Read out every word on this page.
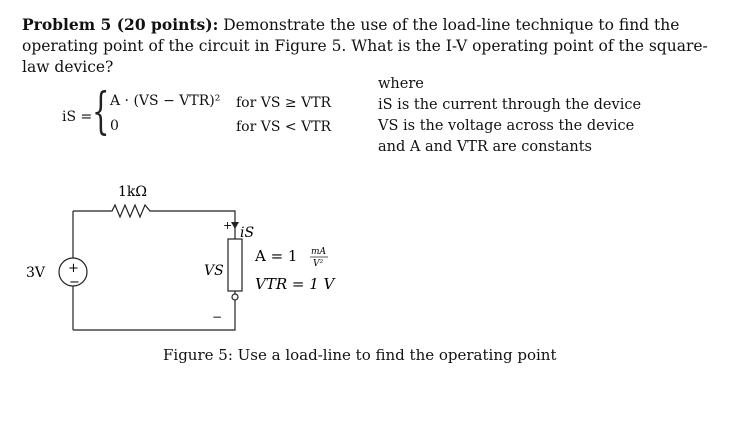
Problem 5 (20 points): Demonstrate the use of the load-line technique to find the operating point of the circuit in Figure 5. What is the I-V operating point of the square-law device?
iS = { A · (VS − VTR)² for VS ≥ VTR
0	for VS < VTR
where
iS is the current through the device
VS is the voltage across the device
and A and VTR are constants
1kΩ
3V +
−
+
−
iS
VS
A = 1 mA
V²
VTR = 1 V
Figure 5: Use a load-line to find the operating point
